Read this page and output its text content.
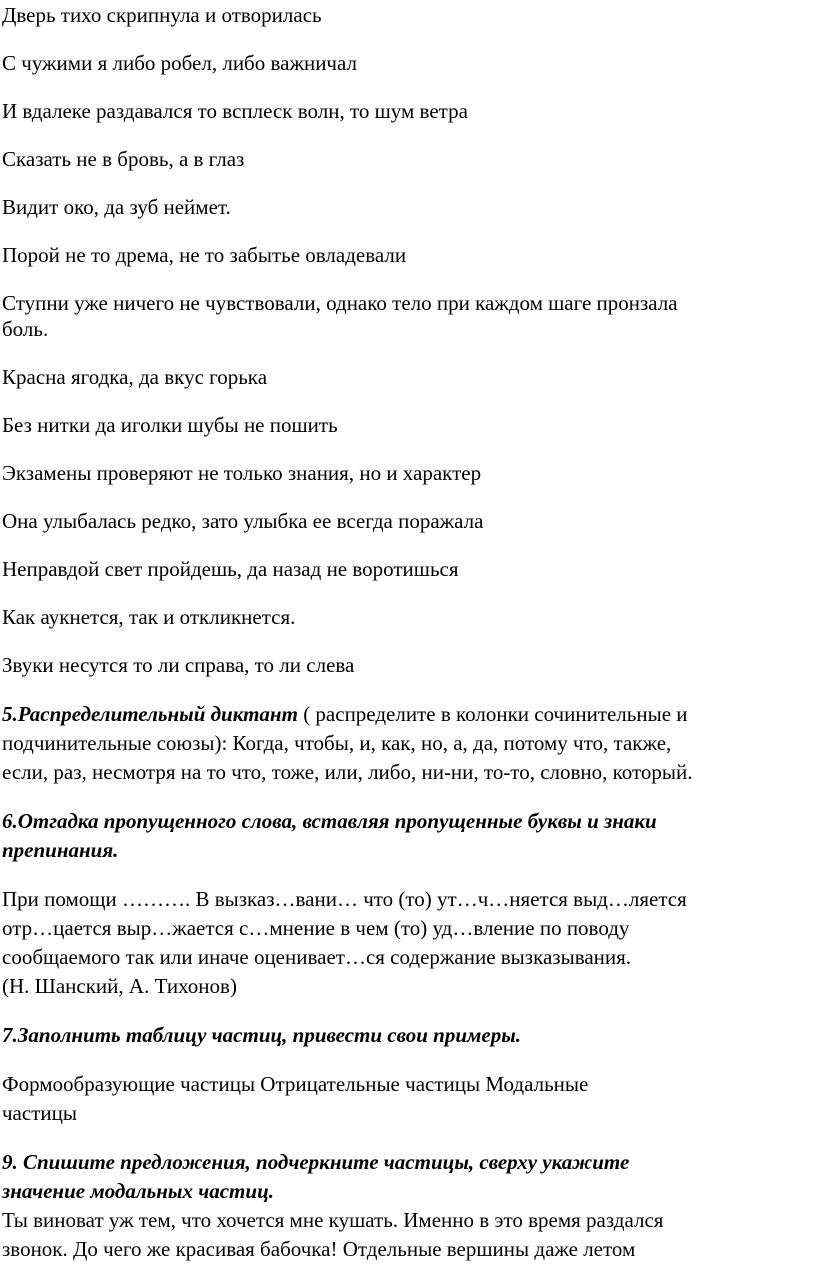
Дверь тихо скрипнула и отворилась

С чужими я либо робел, либо важничал

И вдалеке раздавался то всплеск волн, то шум ветра

Сказать не в бровь, а в глаз

Видит око, да зуб неймет.

Порой не то дрема, не то забытье овладевали

Ступни уже ничего не чувствовали, однако тело при каждом шаге пронзала

боль.

Красна ягодка, да вкус горька

Без нитки да иголки шубы не пошить

Экзамены проверяют не только знания, но и характер

Она улыбалась редко, зато улыбка ее всегда поражала

Неправдой свет пройдешь, да назад не воротишься

Как аукнется, так и откликнется.

Звуки несутся то ли справа, то ли слева

5.Распределительный диктант ( распределите в колонки сочинительные и

подчинительные союзы): Когда, чтобы, и, как, но, а, да, потому что, также,

если, раз, несмотря на то что, тоже, или, либо, ни-ни, то-то, словно, который.

6.Отгадка пропущенного слова, вставляя пропущенные буквы и знаки

препинания.

При помощи ………. В вызказ…вани… что (то) ут…ч…няется выд…ляется

отр…цается выр…жается с…мнение в чем (то) уд…вление по поводу

сообщаемого так или иначе оценивает…ся содержание вызказывания.

(Н. Шанский, А. Тихонов)

7.Заполнить таблицу частиц, привести свои примеры.

Формообразующие частицы Отрицательные частицы Модальные

частицы

9. Спишите предложения, подчеркните частицы, сверху укажите

значение модальных частиц.

Ты виноват уж тем, что хочется мне кушать. Именно в это время раздался

звонок. До чего же красивая бабочка! Отдельные вершины даже летом
